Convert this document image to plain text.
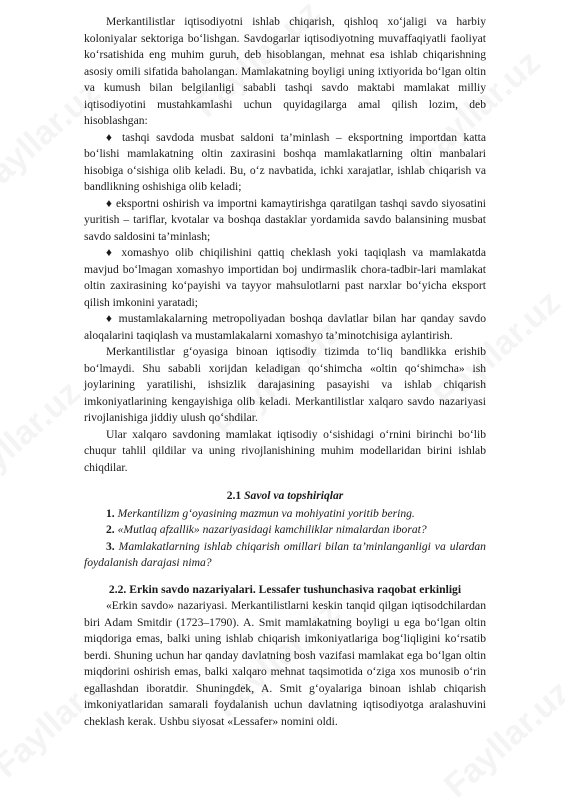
Merkantilistlar iqtisodiyotni ishlab chiqarish, qishloq xo‘jaligi va harbiy koloniyalar sektoriga bo‘lishgan. Savdogarlar iqtisodiyotning muvaffaqiyatli faoliyat ko‘rsatishida eng muhim guruh, deb hisoblangan, mehnat esa ishlab chiqarishning asosiy omili sifatida baholangan. Mamlakatning boyligi uning ixtiyorida bo‘lgan oltin va kumush bilan belgilanligi sababli tashqi savdo maktabi mamlakat milliy iqtisodiyotini mustahkamlashi uchun quyidagilarga amal qilish lozim, deb hisoblashgan:

♦ tashqi savdoda musbat saldoni ta’minlash – eksportning importdan katta bo‘lishi mamlakatning oltin zaxirasini boshqa mamlakatlarning oltin manbalari hisobiga o‘sishiga olib keladi. Bu, o‘z navbatida, ichki xarajatlar, ishlab chiqarish va bandlikning oshishiga olib keladi;

♦ eksportni oshirish va importni kamaytirishga qaratilgan tashqi savdo siyosatini yuritish – tariflar, kvotalar va boshqa dastaklar yordamida savdo balansining musbat savdo saldosini ta’minlash;

♦ xomashyo olib chiqilishini qattiq cheklash yoki taqiqlash va mamlakatda mavjud bo‘lmagan xomashyo importidan boj undirmaslik chora-tadbir-lari mamlakat oltin zaxirasining ko‘payishi va tayyor mahsulotlarni past narxlar bo‘yicha eksport qilish imkonini yaratadi;

♦ mustamlakalarning metropoliyadan boshqa davlatlar bilan har qanday savdo aloqalarini taqiqlash va mustamlakalarni xomashyo ta’minotchisiga aylantirish.

Merkantilistlar g‘oyasiga binoan iqtisodiy tizimda to‘liq bandlikka erishib bo‘lmaydi. Shu sababli xorijdan keladigan qo‘shimcha «oltin qo‘shimcha» ish joylarining yaratilishi, ishsizlik darajasining pasayishi va ishlab chiqarish imkoniyatlarining kengayishiga olib keladi. Merkantilistlar xalqaro savdo nazariyasi rivojlanishiga jiddiy ulush qo‘shdilar.

Ular xalqaro savdoning mamlakat iqtisodiy o‘sishidagi o‘rnini birinchi bo‘lib chuqur tahlil qildilar va uning rivojlanishining muhim modellaridan birini ishlab chiqdilar.

2.1 Savol va topshiriqlar

1. Merkantilizm g‘oyasining mazmun va mohiyatini yoritib bering.

2. «Mutlaq afzallik» nazariyasidagi kamchiliklar nimalardan iborat?

3. Mamlakatlarning ishlab chiqarish omillari bilan ta’minlanganligi va ulardan foydalanish darajasi nima?

2.2. Erkin savdo nazariyalari. Lessafer tushunchasiva raqobat erkinligi

«Erkin savdo» nazariyasi. Merkantilistlarni keskin tanqid qilgan iqtisodchilardan biri Adam Smitdir (1723–1790). A. Smit mamlakatning boyligi u ega bo‘lgan oltin miqdoriga emas, balki uning ishlab chiqarish imkoniyatlariga bog‘liqligini ko‘rsatib berdi. Shuning uchun har qanday davlatning bosh vazifasi mamlakat ega bo‘lgan oltin miqdorini oshirish emas, balki xalqaro mehnat taqsimotida o‘ziga xos munosib o‘rin egallashdan iboratdir. Shuningdek, A. Smit g‘oyalariga binoan ishlab chiqarish imkoniyatlaridan samarali foydalanish uchun davlatning iqtisodiyotga aralashuvini cheklash kerak. Ushbu siyosat «Lessafer» nomini oldi.
